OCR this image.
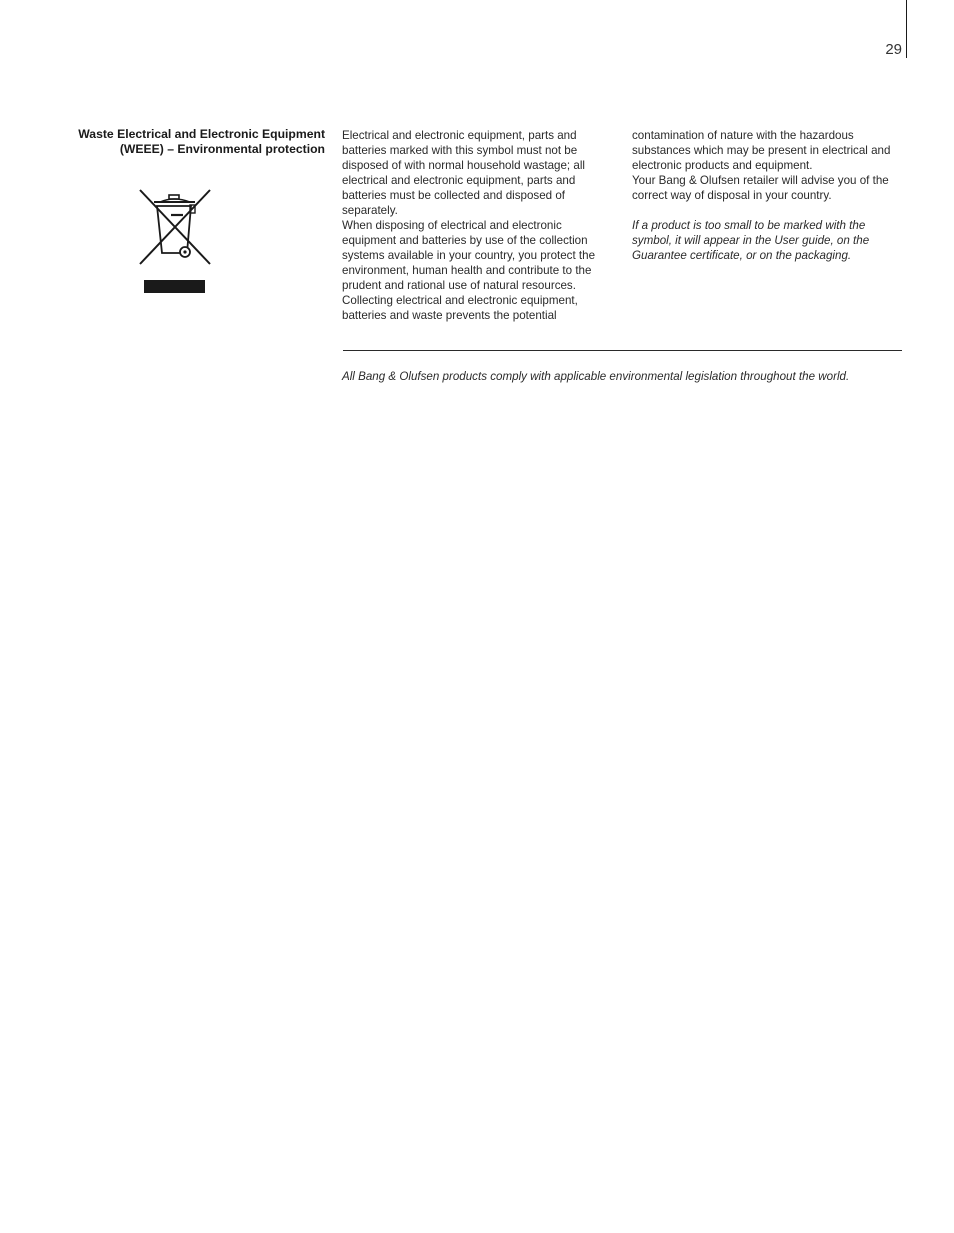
29
Waste Electrical and Electronic Equipment
(WEEE) – Environmental protection

Electrical and electronic equipment, parts and batteries marked with this symbol must not be disposed of with normal household wastage; all electrical and electronic equipment, parts and batteries must be collected and disposed of separately.

When disposing of electrical and electronic equipment and batteries by use of the collection systems available in your country, you protect the environment, human health and contribute to the prudent and rational use of natural resources. Collecting electrical and electronic equipment, batteries and waste prevents the potential

contamination of nature with the hazardous substances which may be present in electrical and electronic products and equipment.

Your Bang & Olufsen retailer will advise you of the correct way of disposal in your country.

If a product is too small to be marked with the symbol, it will appear in the User guide, on the Guarantee certificate, or on the packaging.

All Bang & Olufsen products comply with applicable environmental legislation throughout the world.
